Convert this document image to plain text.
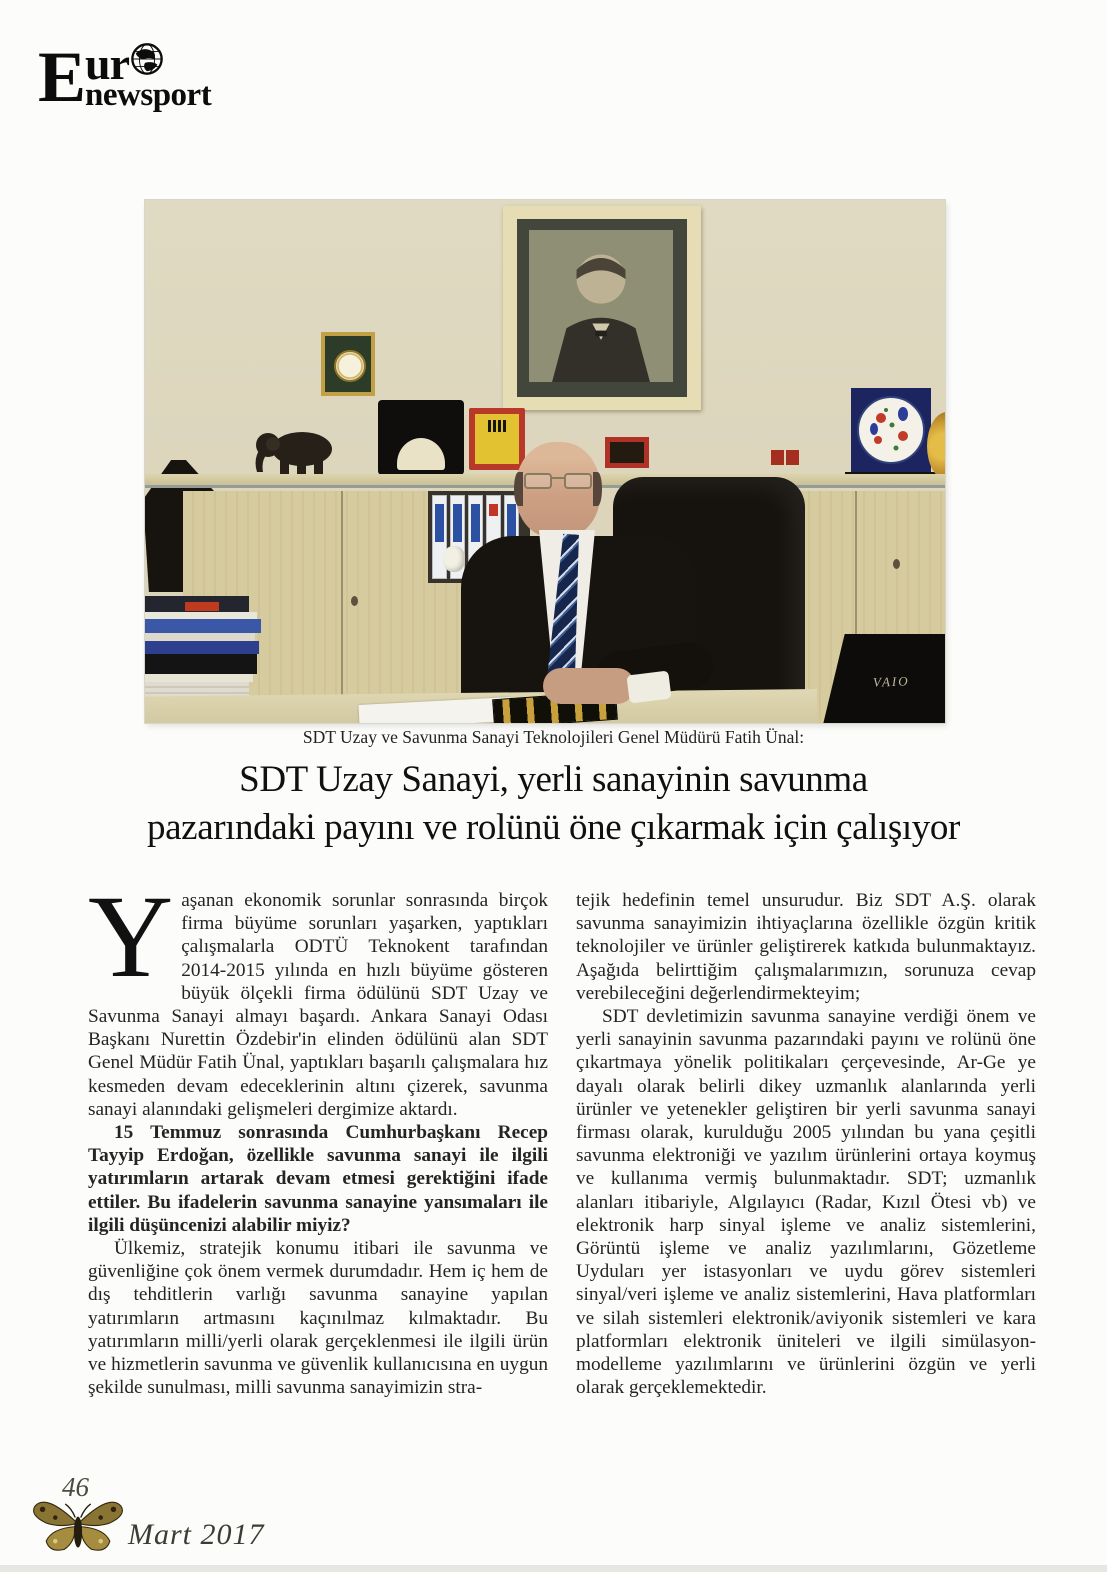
E ur
newsport
VAIO
SDT Uzay ve Savunma Sanayi Teknolojileri Genel Müdürü Fatih Ünal:
SDT Uzay Sanayi, yerli sanayinin savunma
pazarındaki payını ve rolünü öne çıkarmak için çalışıyor

Yaşanan ekonomik sorunlar sonrasında birçok firma büyüme sorunları yaşarken, yaptıkları çalışmalarla ODTÜ Teknokent tarafından 2014-2015 yılında en hızlı büyüme gösteren büyük ölçekli firma ödülünü SDT Uzay ve Savunma Sanayi almayı başardı. Ankara Sanayi Odası Başkanı Nurettin Özdebir'in elinden ödülünü alan SDT Genel Müdür Fatih Ünal, yaptıkları başarılı çalışmalara hız kesmeden devam edeceklerinin altını çizerek, savunma sanayi alanındaki gelişmeleri dergimize aktardı.

15 Temmuz sonrasında Cumhurbaşkanı Recep Tayyip Erdoğan, özellikle savunma sanayi ile ilgili yatırımların artarak devam etmesi gerektiğini ifade ettiler. Bu ifadelerin savunma sanayine yansımaları ile ilgili düşüncenizi alabilir miyiz?

Ülkemiz, stratejik konumu itibari ile savunma ve güvenliğine çok önem vermek durumdadır. Hem iç hem de dış tehditlerin varlığı savunma sanayine yapılan yatırımların artmasını kaçınılmaz kılmaktadır. Bu yatırımların milli/yerli olarak gerçeklenmesi ile ilgili ürün ve hizmetlerin savunma ve güvenlik kullanıcısına en uygun şekilde sunulması, milli savunma sanayimizin stra-

tejik hedefinin temel unsurudur. Biz SDT A.Ş. olarak savunma sanayimizin ihtiyaçlarına özellikle özgün kritik teknolojiler ve ürünler geliştirerek katkıda bulunmaktayız. Aşağıda belirttiğim çalışmalarımızın, sorunuza cevap verebileceğini değerlendirmekteyim;

SDT devletimizin savunma sanayine verdiği önem ve yerli sanayinin savunma pazarındaki payını ve rolünü öne çıkartmaya yönelik politikaları çerçevesinde, Ar-Ge ye dayalı olarak belirli dikey uzmanlık alanlarında yerli ürünler ve yetenekler geliştiren bir yerli savunma sanayi firması olarak, kurulduğu 2005 yılından bu yana çeşitli savunma elektroniği ve yazılım ürünlerini ortaya koymuş ve kullanıma vermiş bulunmaktadır. SDT; uzmanlık alanları itibariyle, Algılayıcı (Radar, Kızıl Ötesi vb) ve elektronik harp sinyal işleme ve analiz sistemlerini, Görüntü işleme ve analiz yazılımlarını, Gözetleme Uyduları yer istasyonları ve uydu görev sistemleri sinyal/veri işleme ve analiz sistemlerini, Hava platformları ve silah sistemleri elektronik/aviyonik sistemleri ve kara platformları elektronik üniteleri ve ilgili simülasyon-modelleme yazılımlarını ve ürünlerini özgün ve yerli olarak gerçeklemektedir.

46
Mart 2017
